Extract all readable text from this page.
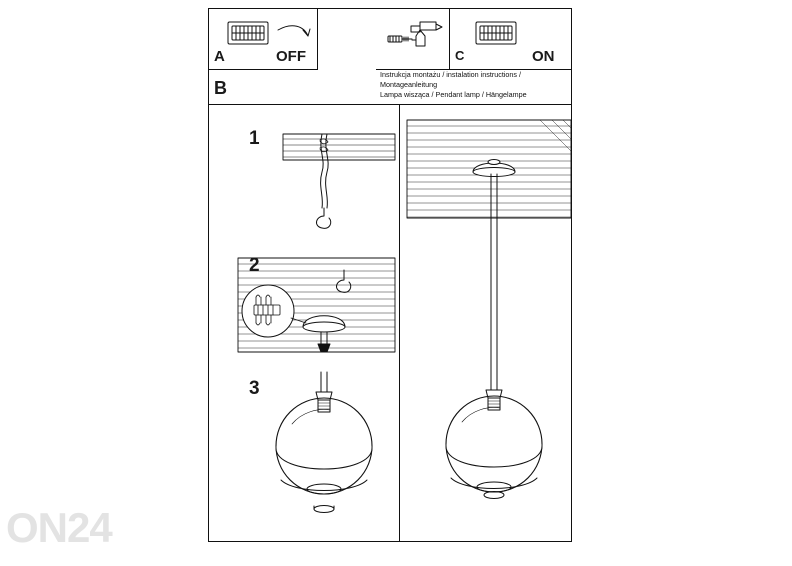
A	OFF
B
C	ON
Instrukcja montażu / instalation instructions / Montageanleitung
Lampa wisząca / Pendant lamp / Hängelampe
1
2
3
ON24
